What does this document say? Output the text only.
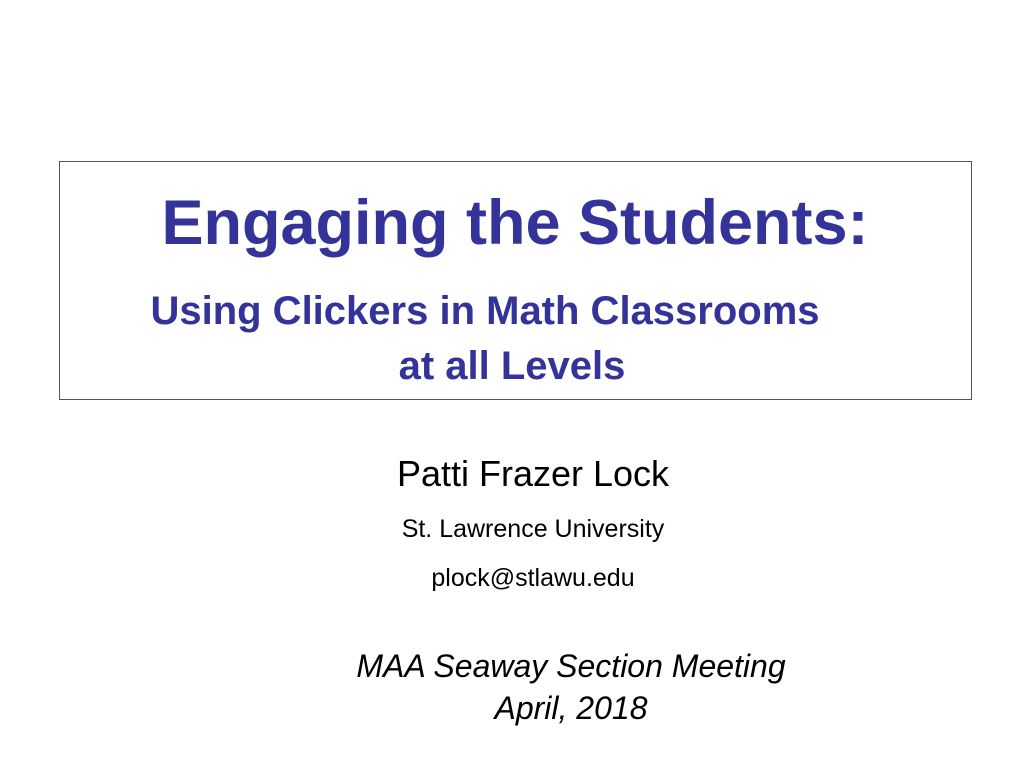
Engaging the Students:
Using Clickers in Math Classrooms
at all Levels
Patti Frazer Lock
St. Lawrence University
plock@stlawu.edu
MAA Seaway Section Meeting
April, 2018
